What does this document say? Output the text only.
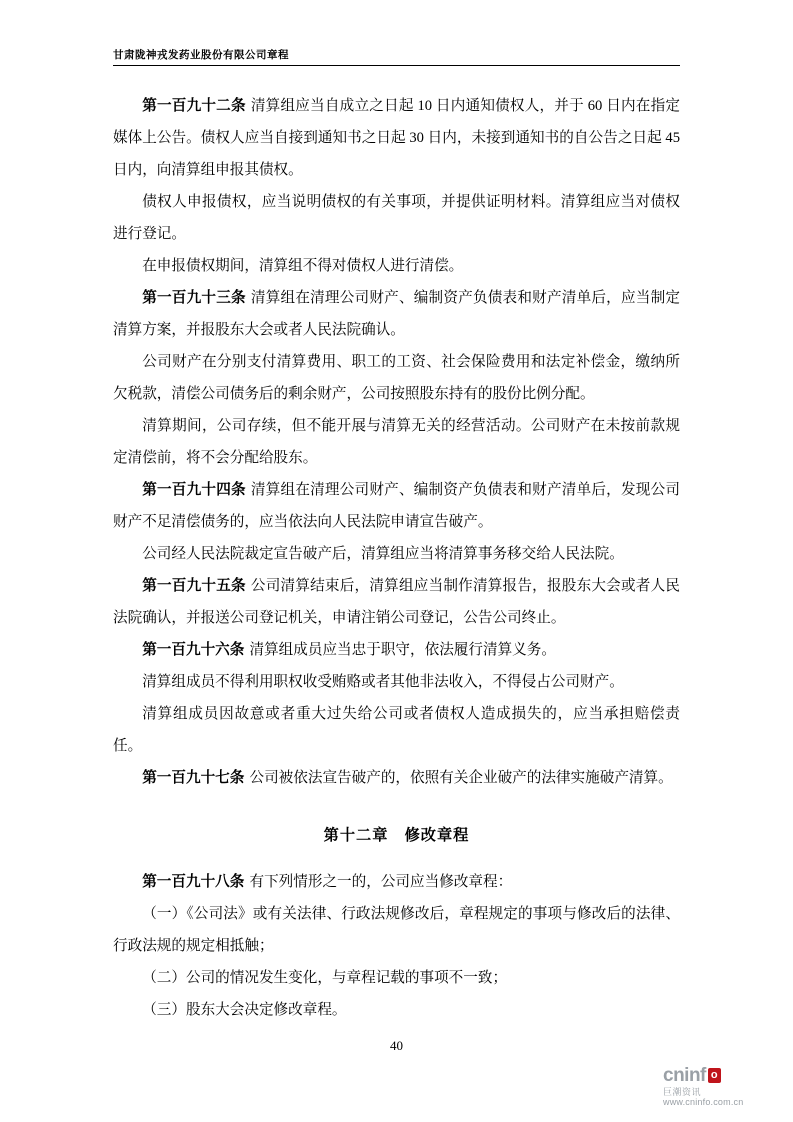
甘肃陇神戎发药业股份有限公司章程

第一百九十二条 清算组应当自成立之日起 10 日内通知债权人，并于 60 日内在指定媒体上公告。债权人应当自接到通知书之日起 30 日内，未接到通知书的自公告之日起 45 日内，向清算组申报其债权。

债权人申报债权，应当说明债权的有关事项，并提供证明材料。清算组应当对债权进行登记。

在申报债权期间，清算组不得对债权人进行清偿。

第一百九十三条 清算组在清理公司财产、编制资产负债表和财产清单后，应当制定清算方案，并报股东大会或者人民法院确认。

公司财产在分别支付清算费用、职工的工资、社会保险费用和法定补偿金，缴纳所欠税款，清偿公司债务后的剩余财产，公司按照股东持有的股份比例分配。

清算期间，公司存续，但不能开展与清算无关的经营活动。公司财产在未按前款规定清偿前，将不会分配给股东。

第一百九十四条 清算组在清理公司财产、编制资产负债表和财产清单后，发现公司财产不足清偿债务的，应当依法向人民法院申请宣告破产。

公司经人民法院裁定宣告破产后，清算组应当将清算事务移交给人民法院。

第一百九十五条 公司清算结束后，清算组应当制作清算报告，报股东大会或者人民法院确认，并报送公司登记机关，申请注销公司登记，公告公司终止。

第一百九十六条 清算组成员应当忠于职守，依法履行清算义务。

清算组成员不得利用职权收受贿赂或者其他非法收入，不得侵占公司财产。

清算组成员因故意或者重大过失给公司或者债权人造成损失的，应当承担赔偿责任。

第一百九十七条 公司被依法宣告破产的，依照有关企业破产的法律实施破产清算。

第十二章　修改章程

第一百九十八条 有下列情形之一的，公司应当修改章程：

（一）《公司法》或有关法律、行政法规修改后，章程规定的事项与修改后的法律、行政法规的规定相抵触；

（二）公司的情况发生变化，与章程记载的事项不一致；

（三）股东大会决定修改章程。

40
cninf o
巨潮资讯
www.cninfo.com.cn
